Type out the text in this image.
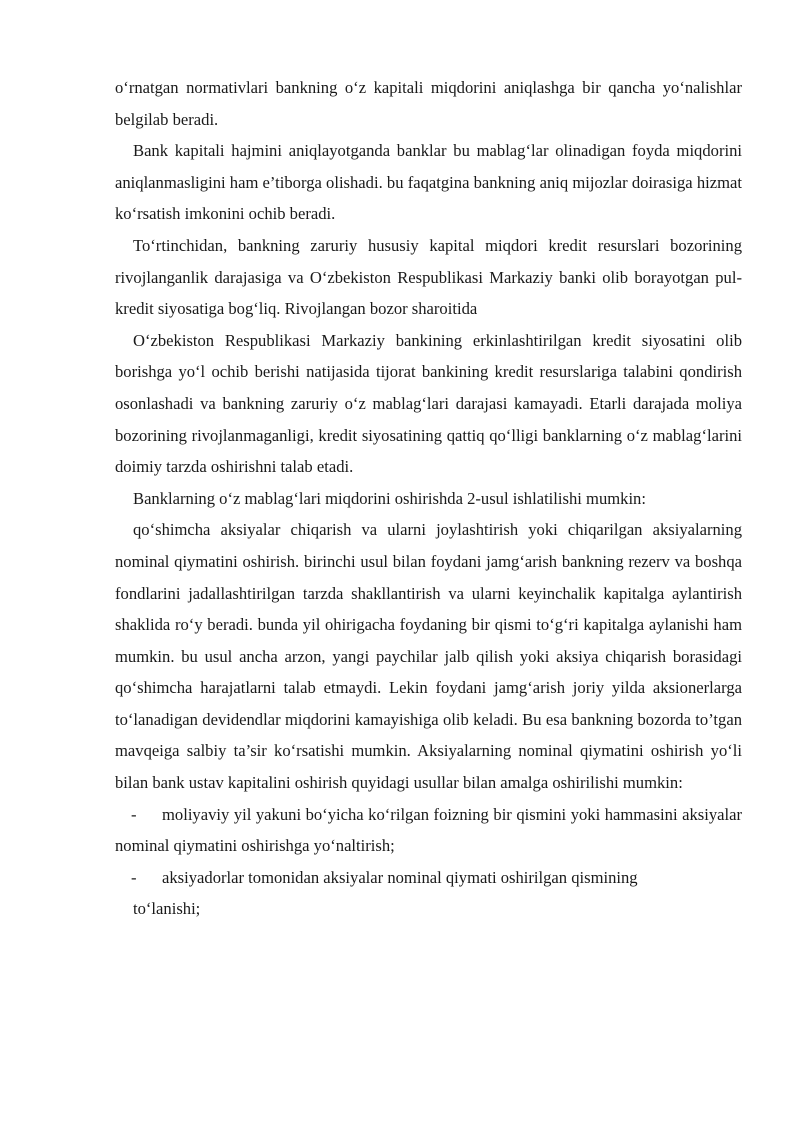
o‘rnatgan normativlari bankning o‘z kapitali miqdorini aniqlashga bir qancha yo‘nalishlar belgilab beradi.

Bank kapitali hajmini aniqlayotganda banklar bu mablag‘lar olinadigan foyda miqdorini aniqlanmasligini ham e’tiborga olishadi. bu faqatgina bankning aniq mijozlar doirasiga hizmat ko‘rsatish imkonini ochib beradi.

To‘rtinchidan, bankning zaruriy hususiy kapital miqdori kredit resurslari bozorining rivojlanganlik darajasiga va O‘zbekiston Respublikasi Markaziy banki olib borayotgan pul-kredit siyosatiga bog‘liq. Rivojlangan bozor sharoitida

O‘zbekiston Respublikasi Markaziy bankining erkinlashtirilgan kredit siyosatini olib borishga yo‘l ochib berishi natijasida tijorat bankining kredit resurslariga talabini qondirish osonlashadi va bankning zaruriy o‘z mablag‘lari darajasi kamayadi. Etarli darajada moliya bozorining rivojlanmaganligi, kredit siyosatining qattiq qo‘lligi banklarning o‘z mablag‘larini doimiy tarzda oshirishni talab etadi.

Banklarning o‘z mablag‘lari miqdorini oshirishda 2-usul ishlatilishi mumkin:

qo‘shimcha aksiyalar chiqarish va ularni joylashtirish yoki chiqarilgan aksiyalarning nominal qiymatini oshirish. birinchi usul bilan foydani jamg‘arish bankning rezerv va boshqa fondlarini jadallashtirilgan tarzda shakllantirish va ularni keyinchalik kapitalga aylantirish shaklida ro‘y beradi. bunda yil ohirigacha foydaning bir qismi to‘g‘ri kapitalga aylanishi ham mumkin. bu usul ancha arzon, yangi paychilar jalb qilish yoki aksiya chiqarish borasidagi qo‘shimcha harajatlarni talab etmaydi. Lekin foydani jamg‘arish joriy yilda aksionerlarga to‘lanadigan devidendlar miqdorini kamayishiga olib keladi. Bu esa bankning bozorda to’tgan mavqeiga salbiy ta’sir ko‘rsatishi mumkin. Aksiyalarning nominal qiymatini oshirish yo‘li bilan bank ustav kapitalini oshirish quyidagi usullar bilan amalga oshirilishi mumkin:

- moliyaviy yil yakuni bo‘yicha ko‘rilgan foizning bir qismini yoki hammasini aksiyalar nominal qiymatini oshirishga yo‘naltirish;

- aksiyadorlar tomonidan aksiyalar nominal qiymati oshirilgan qismining

to‘lanishi;
